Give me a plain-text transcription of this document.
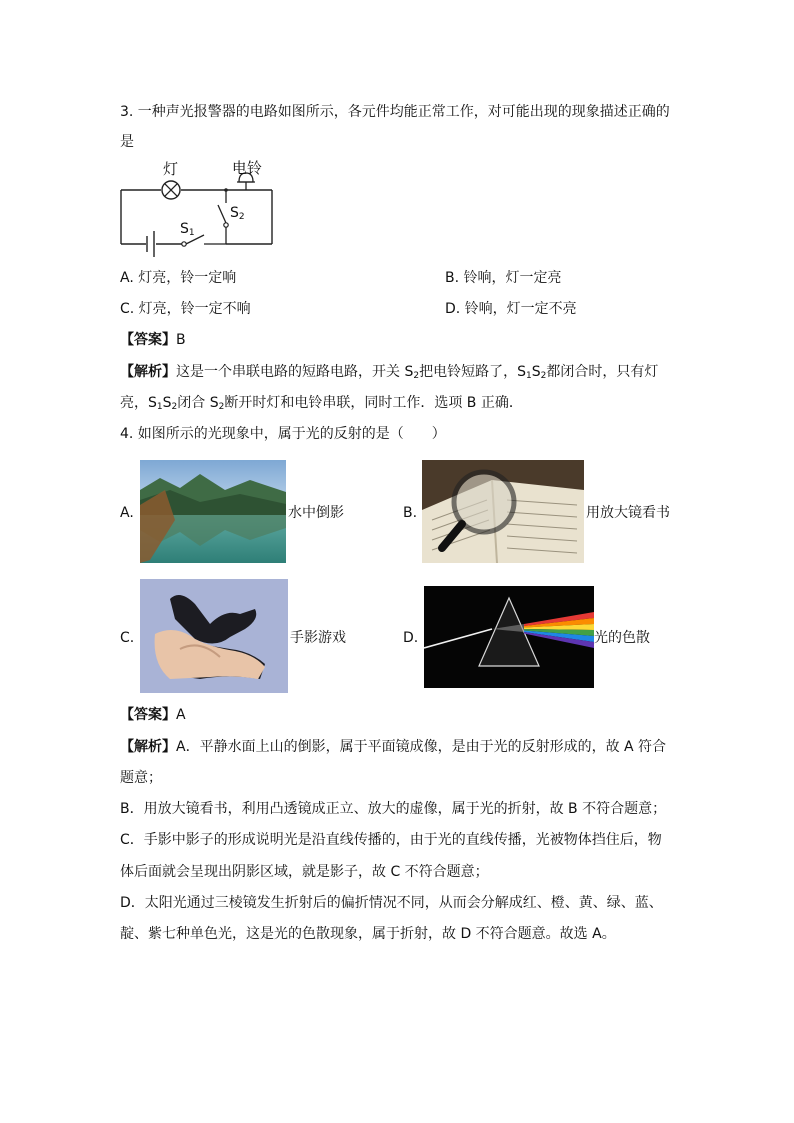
3. 一种声光报警器的电路如图所示，各元件均能正常工作，对可能出现的现象描述正确的
是
灯	电铃
$S_2$
$S_1$
A. 灯亮，铃一定响	B. 铃响，灯一定亮
C. 灯亮，铃一定不响	D. 铃响，灯一定不亮
【答案】B
【解析】这是一个串联电路的短路电路，开关 $S_2$把电铃短路了，$S_1S_2$都闭合时，只有灯
亮，$S_1S_2$闭合 $S_2$断开时灯和电铃串联，同时工作．选项 B 正确．
4. 如图所示的光现象中，属于光的反射的是（　　）
A.	水中倒影	B.	用放大镜看书
C.	手影游戏	D.	光的色散
【答案】A
【解析】A．平静水面上山的倒影，属于平面镜成像，是由于光的反射形成的，故 A 符合
题意；
B．用放大镜看书，利用凸透镜成正立、放大的虚像，属于光的折射，故 B 不符合题意；
C．手影中影子的形成说明光是沿直线传播的，由于光的直线传播，光被物体挡住后，物
体后面就会呈现出阴影区域，就是影子，故 C 不符合题意；
D．太阳光通过三棱镜发生折射后的偏折情况不同，从而会分解成红、橙、黄、绿、蓝、
靛、紫七种单色光，这是光的色散现象，属于折射，故 D 不符合题意。故选 A。
